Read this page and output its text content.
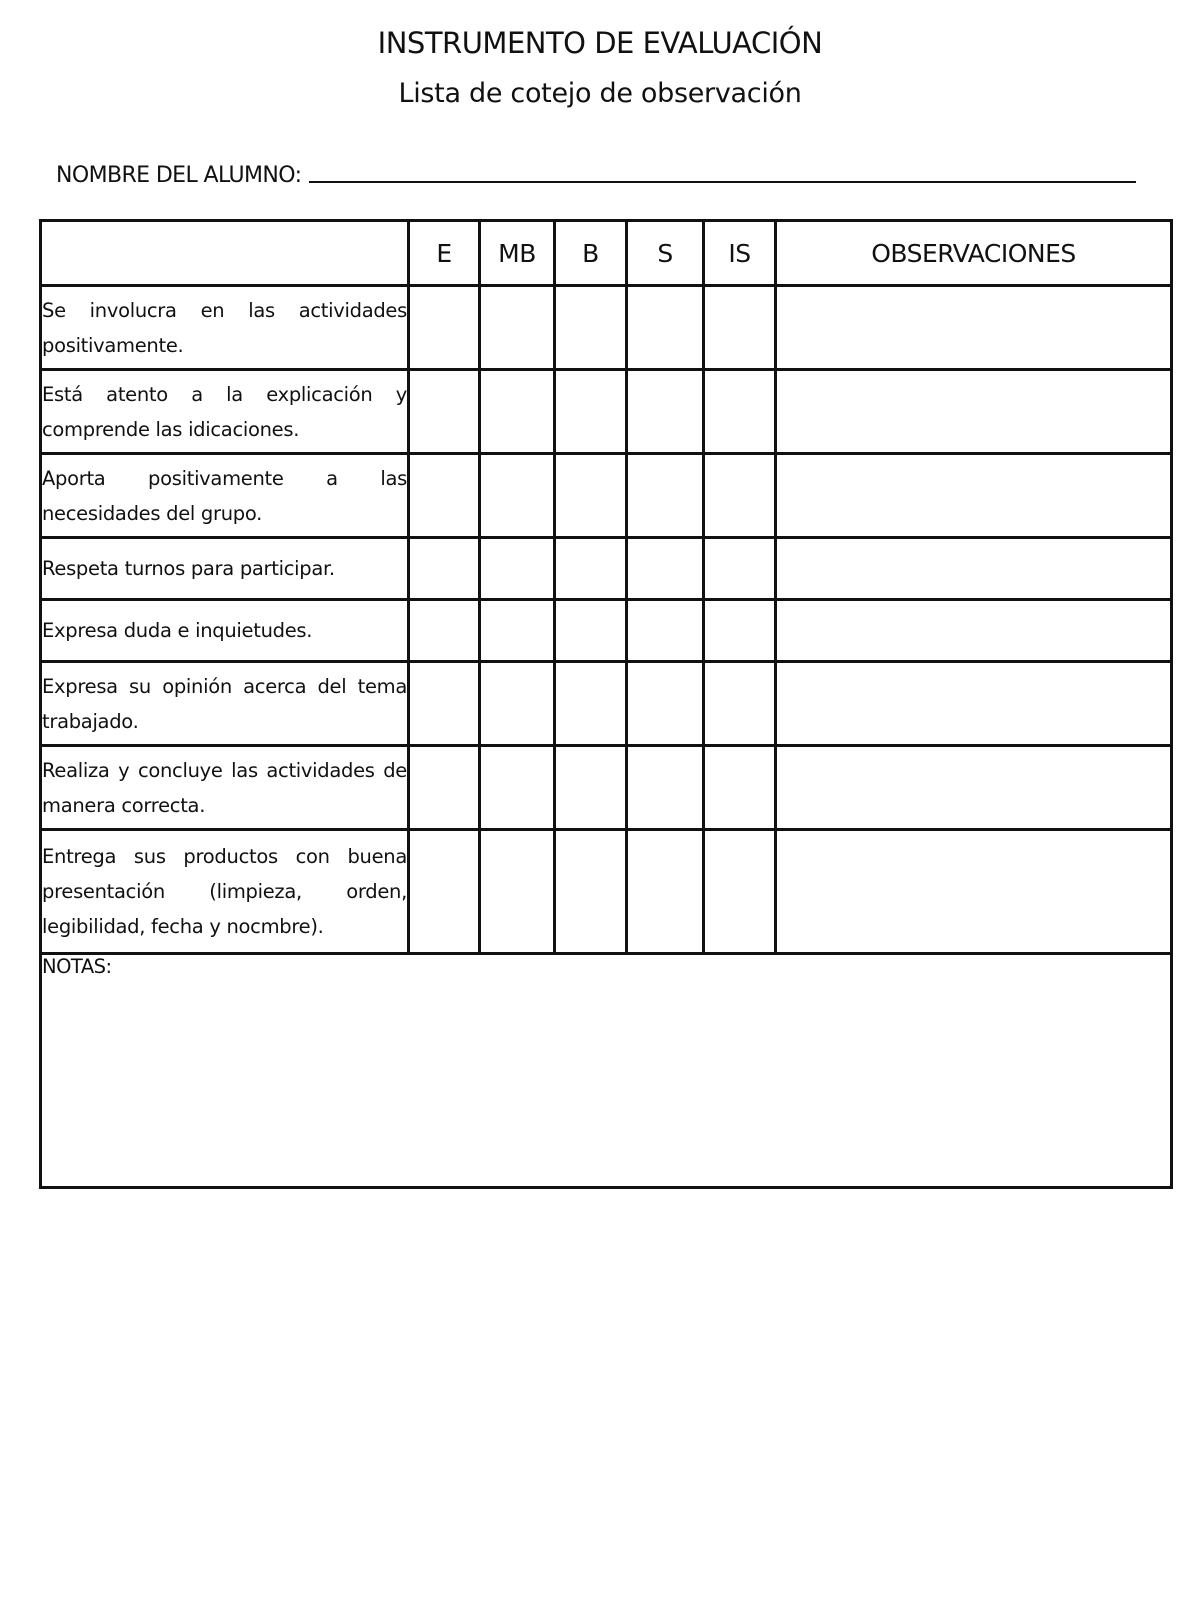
INSTRUMENTO DE EVALUACIÓN
Lista de cotejo de observación
NOMBRE DEL ALUMNO:
	E	MB	B	S	IS	OBSERVACIONES
Se involucra en las actividades positivamente.						
Está atento a la explicación y comprende las idicaciones.						
Aporta positivamente a las necesidades del grupo.						
Respeta turnos para participar.						
Expresa duda e inquietudes.						
Expresa su opinión acerca del tema trabajado.						
Realiza y concluye las actividades de manera correcta.						
Entrega sus productos con buena presentación (limpieza, orden, legibilidad, fecha y nocmbre).						
NOTAS:						
